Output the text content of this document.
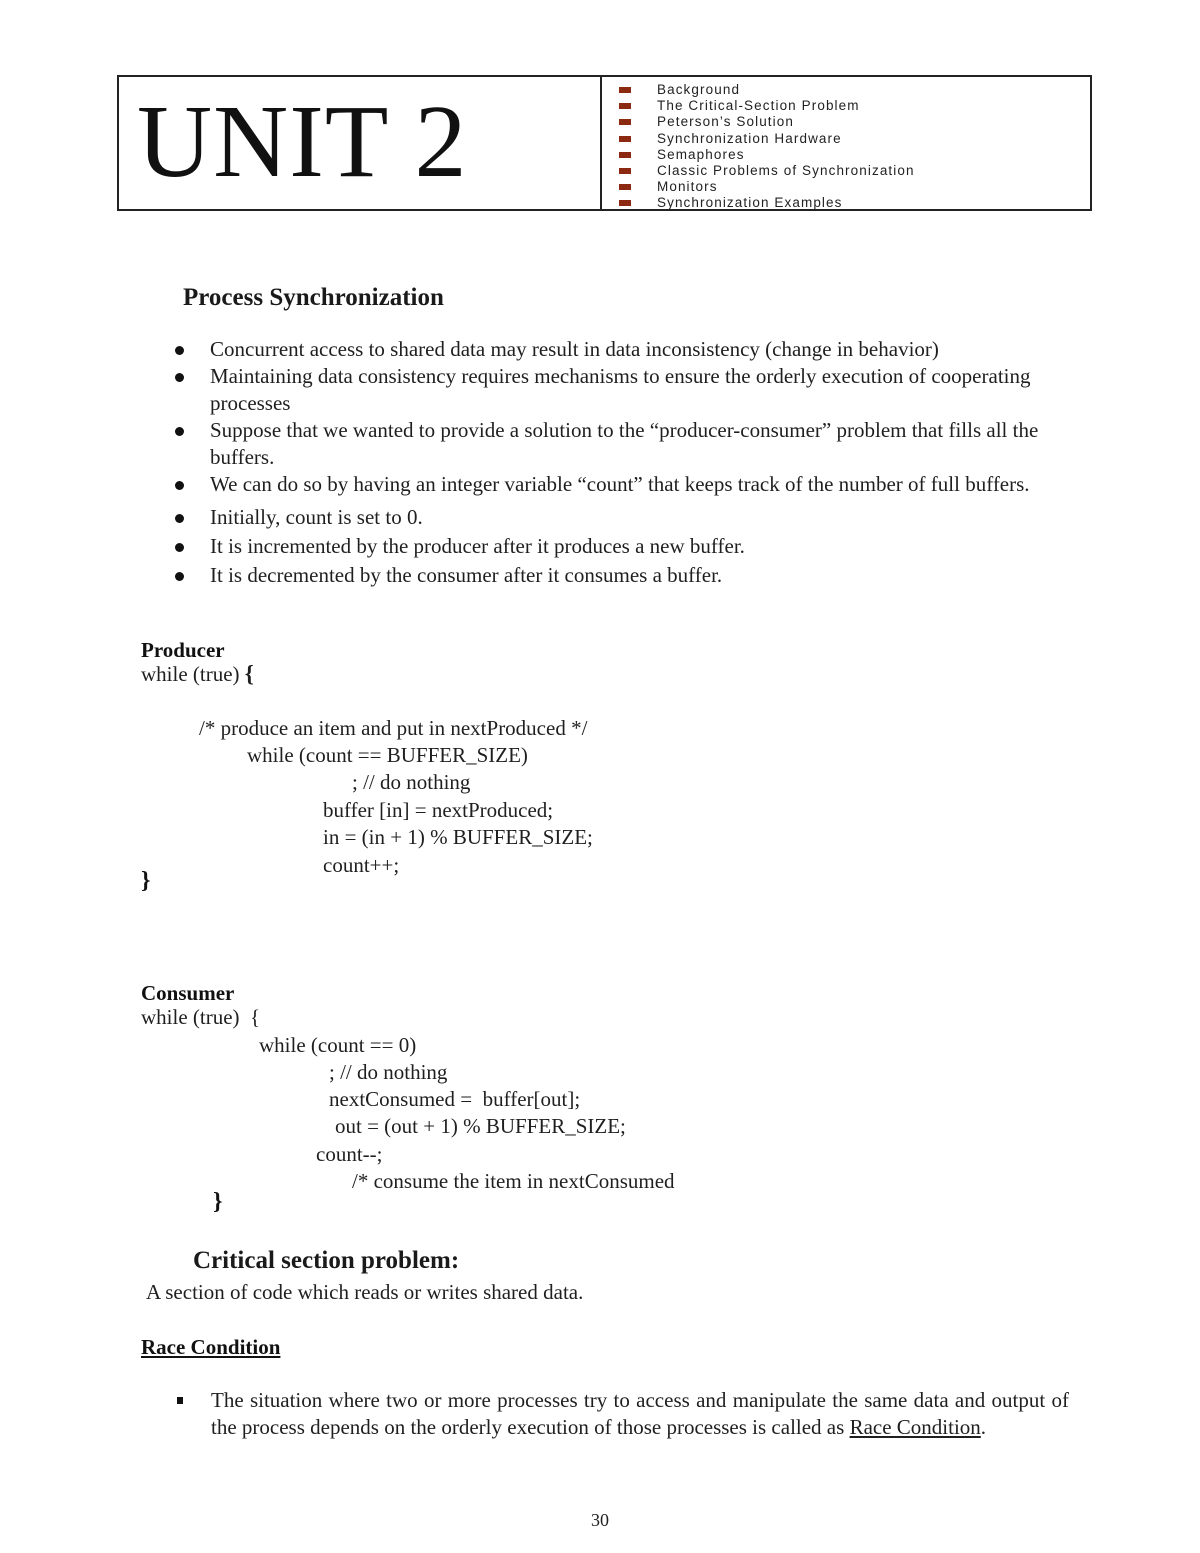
UNIT 2	Background
The Critical-Section Problem
Peterson’s Solution
Synchronization Hardware
Semaphores
Classic Problems of Synchronization
Monitors
Synchronization Examples
Process Synchronization
Concurrent access to shared data may result in data inconsistency (change in behavior)
Maintaining data consistency requires mechanisms to ensure the orderly execution of cooperating processes
Suppose that we wanted to provide a solution to the “producer-consumer” problem that fills all the buffers.
We can do so by having an integer variable “count” that keeps track of the number of full buffers.
Initially, count is set to 0.
It is incremented by the producer after it produces a new buffer.
It is decremented by the consumer after it consumes a buffer.
Producer
while (true) {
/* produce an item and put in nextProduced */
while (count == BUFFER_SIZE)
; // do nothing
buffer [in] = nextProduced;
in = (in + 1) % BUFFER_SIZE;
count++;
}
Consumer
while (true)  {
while (count == 0)
; // do nothing
nextConsumed =  buffer[out];
out = (out + 1) % BUFFER_SIZE;
count--;
/* consume the item in nextConsumed
}
Critical section problem:
A section of code which reads or writes shared data.
Race Condition
The situation where two or more processes try to access and manipulate the same data and output of the process depends on the orderly execution of those processes is called as Race Condition.
30
